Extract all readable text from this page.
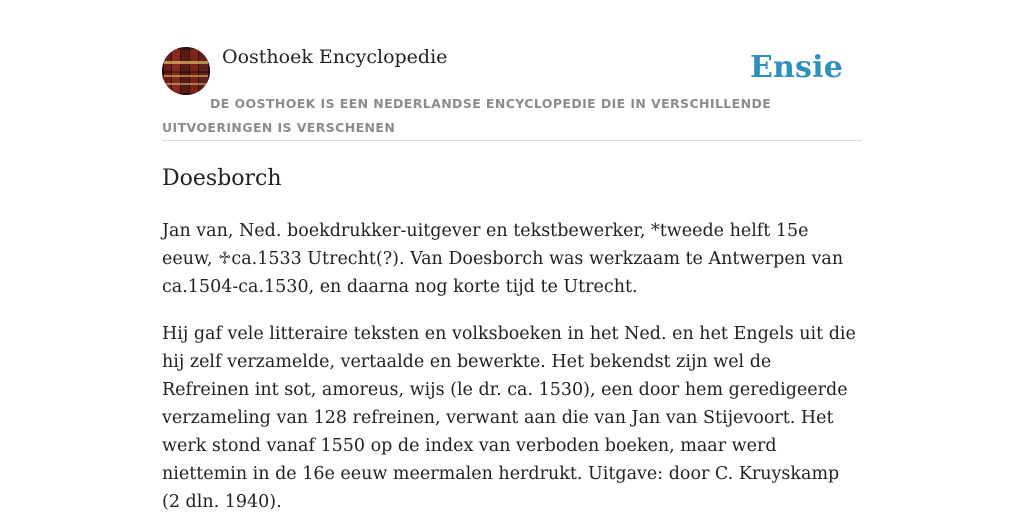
Oosthoek Encyclopedie	Ensie
DE OOSTHOEK IS EEN NEDERLANDSE ENCYCLOPEDIE DIE IN VERSCHILLENDE UITVOERINGEN IS VERSCHENEN
Doesborch

Jan van, Ned. boekdrukker-uitgever en tekstbewerker, *tweede helft 15e eeuw, ♱ca.1533 Utrecht(?). Van Doesborch was werkzaam te Antwerpen van ca.1504-ca.1530, en daarna nog korte tijd te Utrecht.

Hij gaf vele litteraire teksten en volksboeken in het Ned. en het Engels uit die hij zelf verzamelde, vertaalde en bewerkte. Het bekendst zijn wel de Refreinen int sot, amoreus, wijs (le dr. ca. 1530), een door hem geredigeerde verzameling van 128 refreinen, verwant aan die van Jan van Stijevoort. Het werk stond vanaf 1550 op de index van verboden boeken, maar werd niettemin in de 16e eeuw meermalen herdrukt. Uitgave: door C. Kruyskamp (2 dln. 1940).
